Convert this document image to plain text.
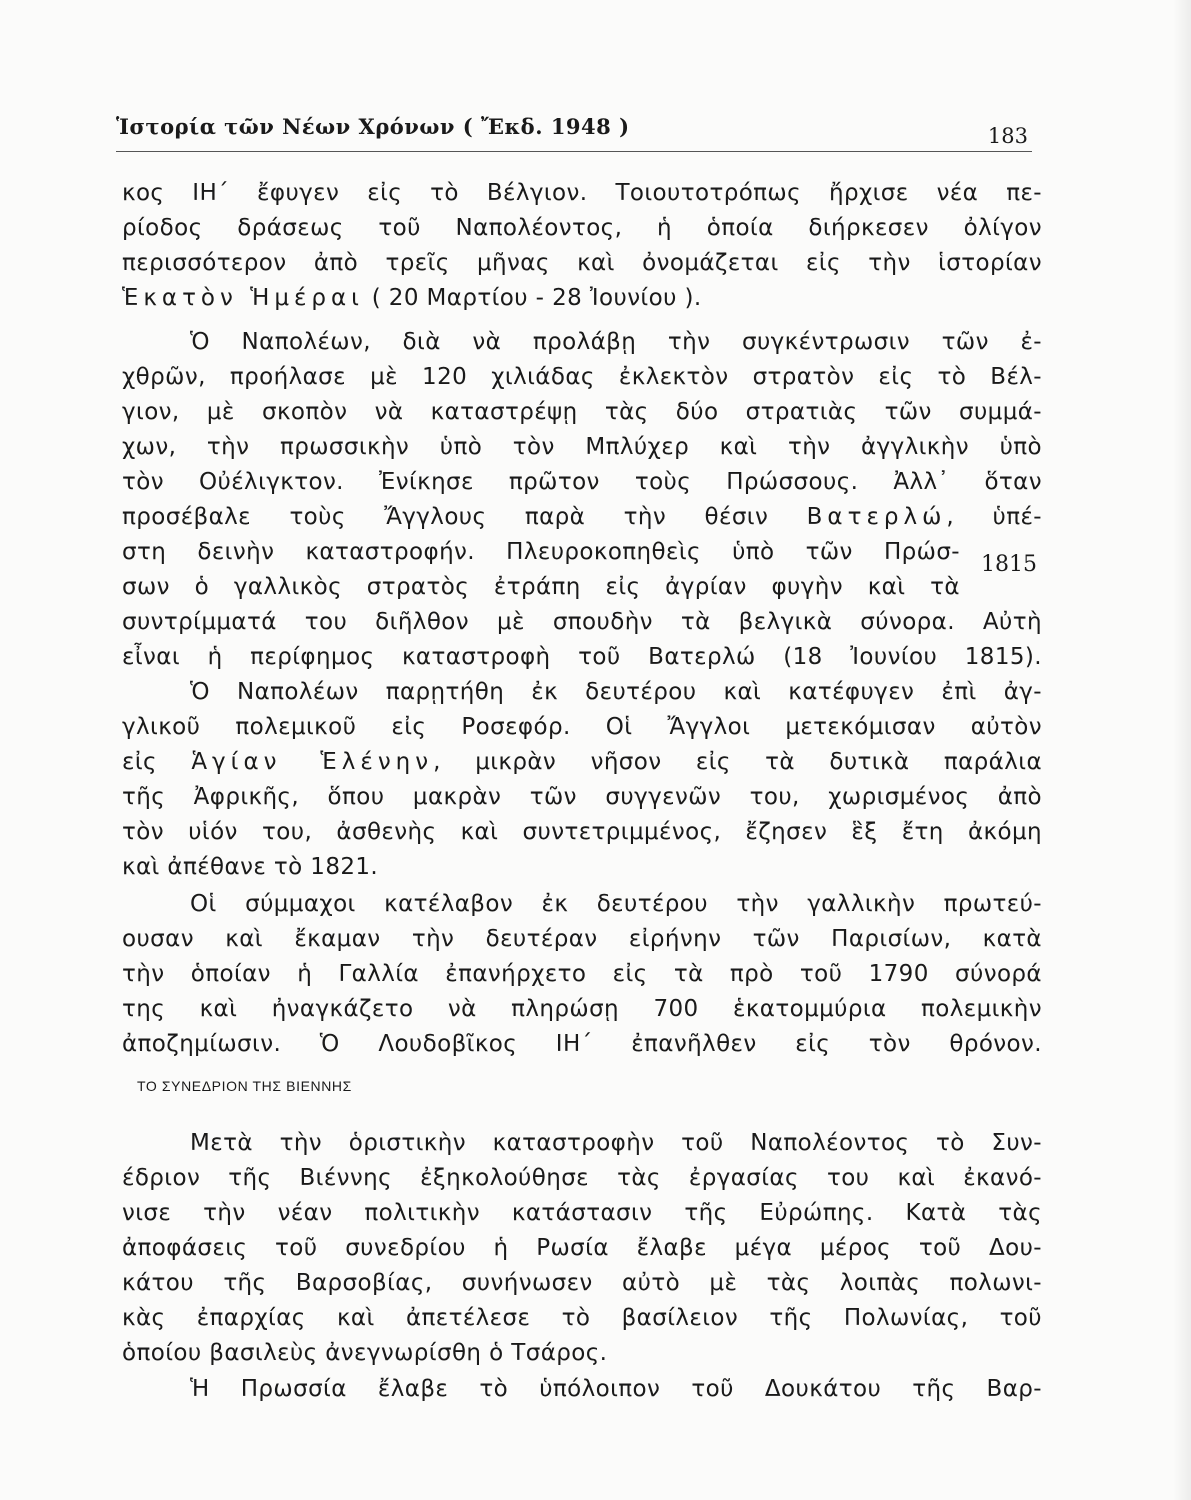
Ἱστορία τῶν Νέων Χρόνων ( Ἔκδ. 1948 )	183
κος ΙΗ΄ ἔφυγεν εἰς τὸ Βέλγιον. Τοιουτοτρόπως ἤρχισε νέα πε-
ρίοδος δράσεως τοῦ Ναπολέοντος, ἡ ὁποία διήρκεσεν ὀλίγον
περισσότερον ἀπὸ τρεῖς μῆνας καὶ ὀνομάζεται εἰς τὴν ἱστορίαν
Ἑκατὸν Ἡμέραι ( 20 Μαρτίου - 28 Ἰουνίου ).
Ὁ Ναπολέων, διὰ νὰ προλάβῃ τὴν συγκέντρωσιν τῶν ἐ-
χθρῶν, προήλασε μὲ 120 χιλιάδας ἐκλεκτὸν στρατὸν εἰς τὸ Βέλ-
γιον, μὲ σκοπὸν νὰ καταστρέψῃ τὰς δύο στρατιὰς τῶν συμμά-
χων, τὴν πρωσσικὴν ὑπὸ τὸν Μπλύχερ καὶ τὴν ἀγγλικὴν ὑπὸ
τὸν Οὐέλιγκτον. Ἐνίκησε πρῶτον τοὺς Πρώσσους. Ἀλλ᾿ ὅταν
προσέβαλε τοὺς Ἄγγλους παρὰ τὴν θέσιν Βατερλώ, ὑπέ-
στη δεινὴν καταστροφήν. Πλευροκοπηθεὶς ὑπὸ τῶν Πρώσ-
σων ὁ γαλλικὸς στρατὸς ἐτράπη εἰς ἀγρίαν φυγὴν καὶ τὰ
1815
συντρίμματά του διῆλθον μὲ σπουδὴν τὰ βελγικὰ σύνορα. Αὐτὴ
εἶναι ἡ περίφημος καταστροφὴ τοῦ Βατερλώ (18 Ἰουνίου 1815).
Ὁ Ναπολέων παρῃτήθη ἐκ δευτέρου καὶ κατέφυγεν ἐπὶ ἀγ-
γλικοῦ πολεμικοῦ εἰς Ροσεφόρ. Οἱ Ἄγγλοι μετεκόμισαν αὐτὸν
εἰς Ἁγίαν Ἑλένην, μικρὰν νῆσον εἰς τὰ δυτικὰ παράλια
τῆς Ἀφρικῆς, ὅπου μακρὰν τῶν συγγενῶν του, χωρισμένος ἀπὸ
τὸν υἱόν του, ἀσθενὴς καὶ συντετριμμένος, ἔζησεν ἓξ ἔτη ἀκόμη
καὶ ἀπέθανε τὸ 1821.
Οἱ σύμμαχοι κατέλαβον ἐκ δευτέρου τὴν γαλλικὴν πρωτεύ-
ουσαν καὶ ἔκαμαν τὴν δευτέραν εἰρήνην τῶν Παρισίων, κατὰ
τὴν ὁποίαν ἡ Γαλλία ἐπανήρχετο εἰς τὰ πρὸ τοῦ 1790 σύνορά
της καὶ ἠναγκάζετο νὰ πληρώσῃ 700 ἑκατομμύρια πολεμικὴν
ἀποζημίωσιν. Ὁ Λουδοβῖκος ΙΗ΄ ἐπανῆλθεν εἰς τὸν θρόνον.
ΤΟ ΣΥΝΕΔΡΙΟΝ ΤΗΣ ΒΙΕΝΝΗΣ
Μετὰ τὴν ὁριστικὴν καταστροφὴν τοῦ Ναπολέοντος τὸ Συν-
έδριον τῆς Βιέννης ἐξηκολούθησε τὰς ἐργασίας του καὶ ἐκανό-
νισε τὴν νέαν πολιτικὴν κατάστασιν τῆς Εὐρώπης. Κατὰ τὰς
ἀποφάσεις τοῦ συνεδρίου ἡ Ρωσία ἔλαβε μέγα μέρος τοῦ Δου-
κάτου τῆς Βαρσοβίας, συνήνωσεν αὐτὸ μὲ τὰς λοιπὰς πολωνι-
κὰς ἐπαρχίας καὶ ἀπετέλεσε τὸ βασίλειον τῆς Πολωνίας, τοῦ
ὁποίου βασιλεὺς ἀνεγνωρίσθη ὁ Τσάρος.
Ἡ Πρωσσία ἔλαβε τὸ ὑπόλοιπον τοῦ Δουκάτου τῆς Βαρ-
